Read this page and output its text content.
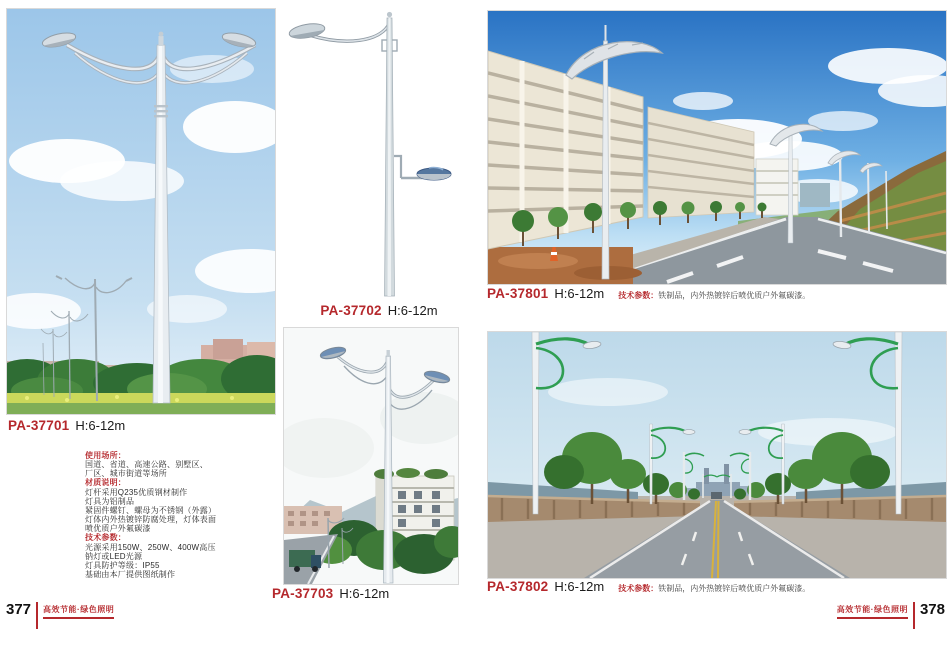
PA-37701 H:6-12m
使用场所：
国道、省道、高速公路、别墅区、
厂区、城市街道等场所
材质说明：
灯杆采用Q235优质钢材制作
灯具为铝制品
紧固件螺钉、螺母为不锈钢（外露）
灯体内外热镀锌防腐处理，灯体表面
喷优质户外氟碳漆
技术参数：
光源采用150W、250W、400W高压
钠灯或LED光源
灯具防护等级：IP55
基础由本厂提供图纸制作
377 高效节能·绿色照明
PA-37702 H:6-12m
PA-37703 H:6-12m
PA-37801 H:6-12m 技术参数：铁制品，内外热镀锌后喷优质户外氟碳漆。
PA-37802 H:6-12m 技术参数：铁制品，内外热镀锌后喷优质户外氟碳漆。
高效节能·绿色照明 378
